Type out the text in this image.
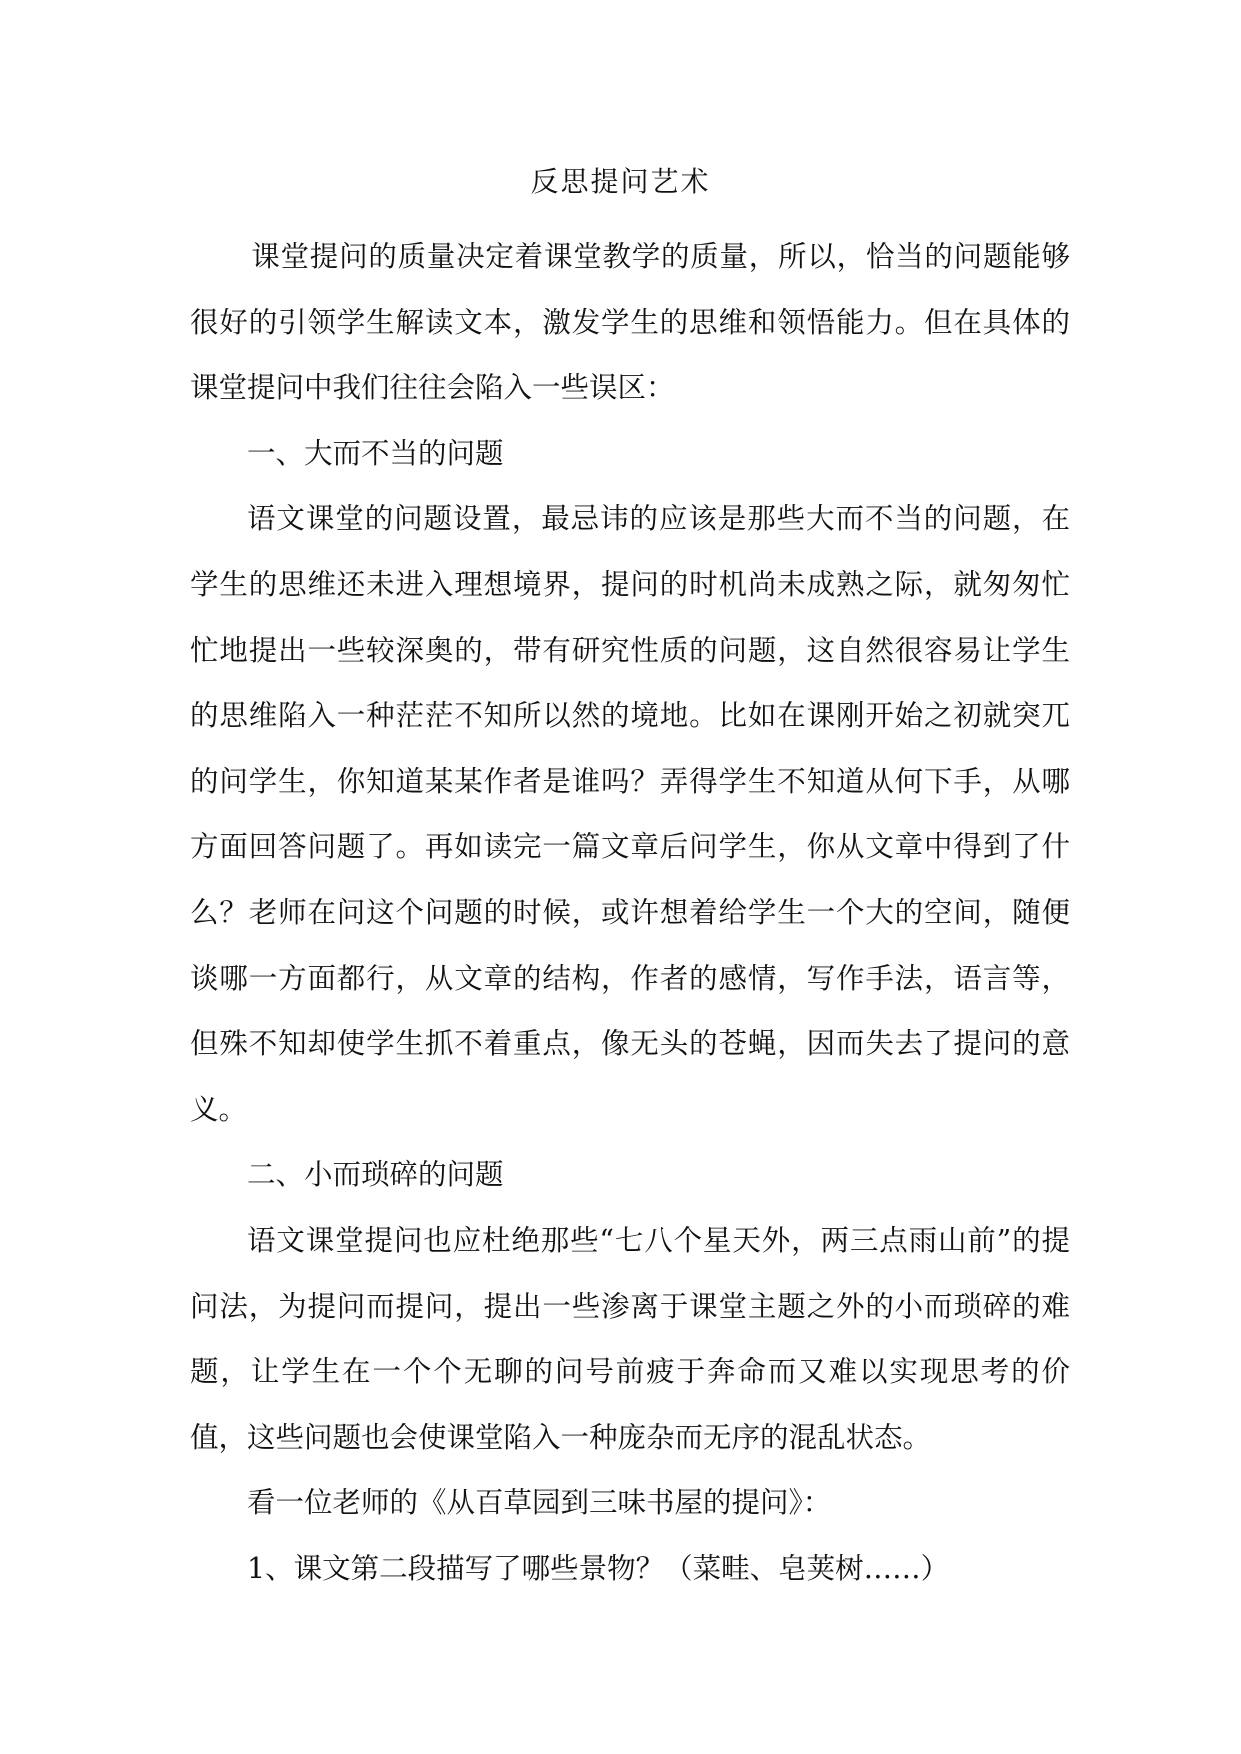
反思提问艺术

课堂提问的质量决定着课堂教学的质量，所以，恰当的问题能够很好的引领学生解读文本，激发学生的思维和领悟能力。但在具体的课堂提问中我们往往会陷入一些误区：

一、大而不当的问题

语文课堂的问题设置，最忌讳的应该是那些大而不当的问题，在学生的思维还未进入理想境界，提问的时机尚未成熟之际，就匆匆忙忙地提出一些较深奥的，带有研究性质的问题，这自然很容易让学生的思维陷入一种茫茫不知所以然的境地。比如在课刚开始之初就突兀的问学生，你知道某某作者是谁吗？弄得学生不知道从何下手，从哪方面回答问题了。再如读完一篇文章后问学生，你从文章中得到了什么？老师在问这个问题的时候，或许想着给学生一个大的空间，随便谈哪一方面都行，从文章的结构，作者的感情，写作手法，语言等，但殊不知却使学生抓不着重点，像无头的苍蝇，因而失去了提问的意义。

二、小而琐碎的问题

语文课堂提问也应杜绝那些“七八个星天外，两三点雨山前”的提问法，为提问而提问，提出一些渗离于课堂主题之外的小而琐碎的难题，让学生在一个个无聊的问号前疲于奔命而又难以实现思考的价值，这些问题也会使课堂陷入一种庞杂而无序的混乱状态。

看一位老师的《从百草园到三味书屋的提问》：

1、课文第二段描写了哪些景物？（菜畦、皂荚树……）
